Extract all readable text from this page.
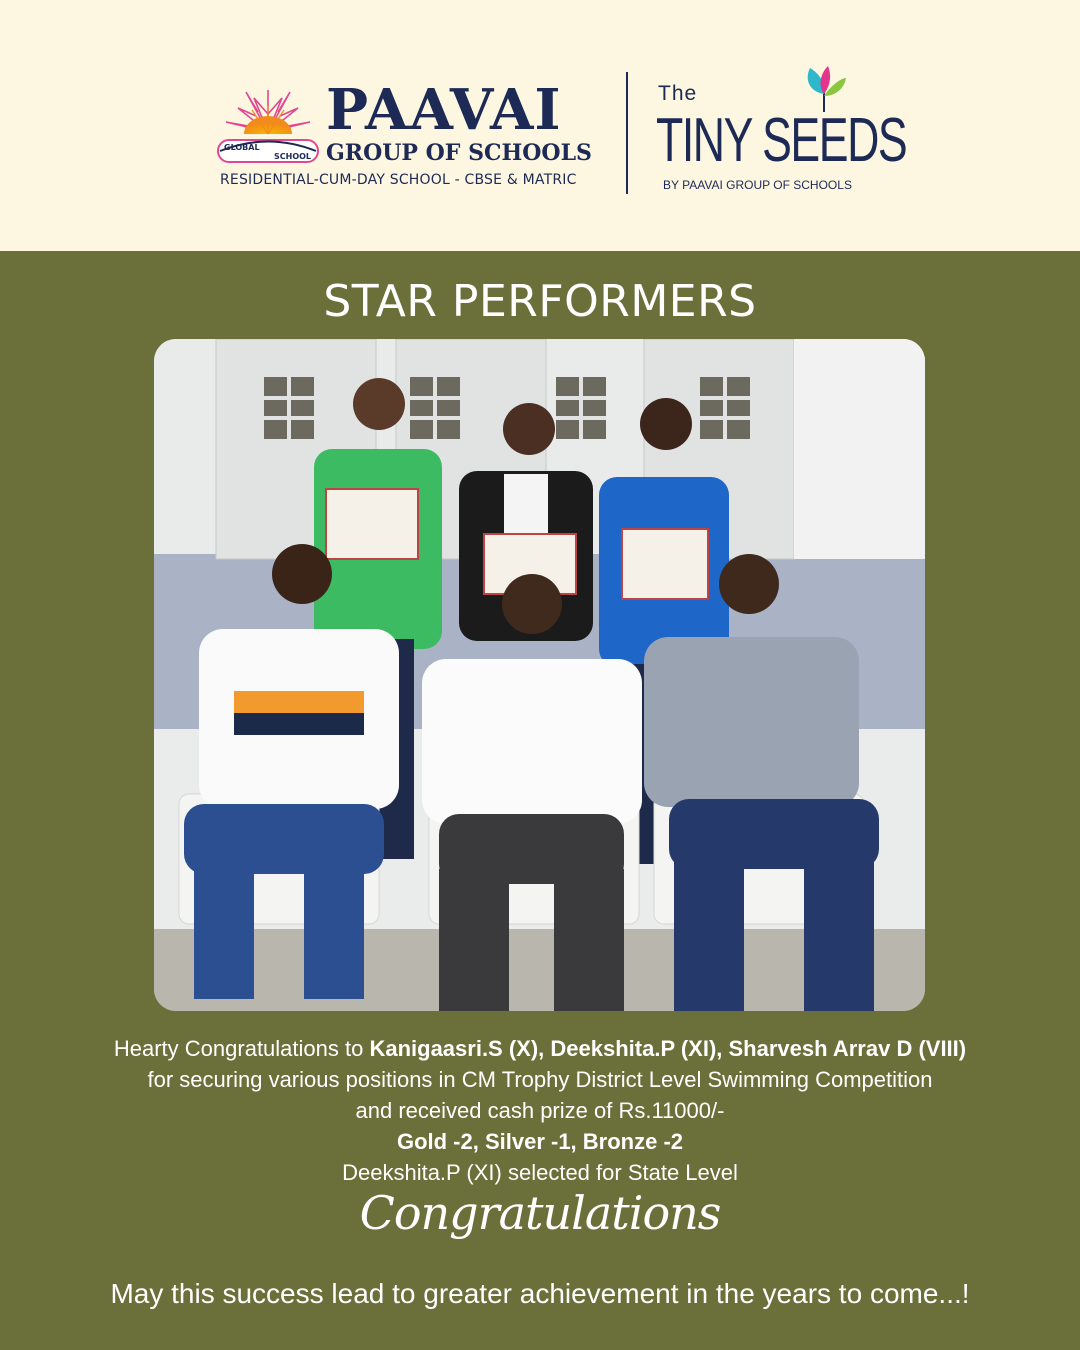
GLOBAL
SCHOOL
PAAVAI
GROUP OF SCHOOLS
RESIDENTIAL-CUM-DAY SCHOOL - CBSE & MATRIC
The
TINY SEEDS
BY PAAVAI GROUP OF SCHOOLS
STAR PERFORMERS
Hearty Congratulations to Kanigaasri.S (X), Deekshita.P (XI), Sharvesh Arrav D (VIII)
for securing various positions in CM Trophy District Level Swimming Competition
and received cash prize of Rs.11000/-
Gold -2, Silver -1, Bronze -2
Deekshita.P (XI) selected for State Level
Congratulations
May this success lead to greater achievement in the years to come...!
